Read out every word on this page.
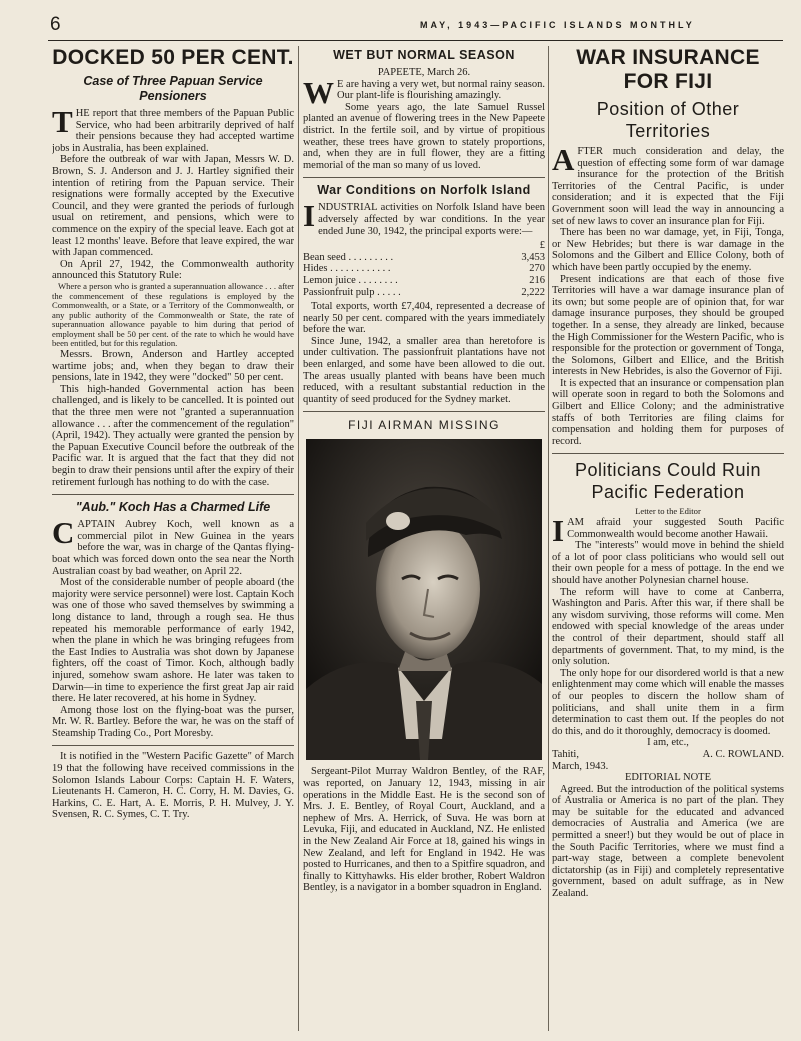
6	MAY, 1943—PACIFIC ISLANDS MONTHLY
DOCKED 50 PER CENT.
Case of Three Papuan Service Pensioners

THE report that three members of the Papuan Public Service, who had been arbitrarily deprived of half their pensions because they had accepted wartime jobs in Australia, has been explained.

Before the outbreak of war with Japan, Messrs W. D. Brown, S. J. Anderson and J. J. Hartley signified their intention of retiring from the Papuan service. Their resignations were formally accepted by the Executive Council, and they were granted the periods of furlough usual on retirement, and pensions, which were to commence on the expiry of the special leave. Each got at least 12 months' leave. Before that leave expired, the war with Japan commenced.

On April 27, 1942, the Commonwealth authority announced this Statutory Rule:

Where a person who is granted a superannuation allowance . . . after the commencement of these regulations is employed by the Commonwealth, or a State, or a Territory of the Commonwealth, or any public authority of the Commonwealth or State, the rate of superannuation allowance payable to him during that period of employment shall be 50 per cent. of the rate to which he would have been entitled, but for this regulation.

Messrs. Brown, Anderson and Hartley accepted wartime jobs; and, when they began to draw their pensions, late in 1942, they were "docked" 50 per cent.

This high-handed Governmental action has been challenged, and is likely to be cancelled. It is pointed out that the three men were not "granted a superannuation allowance . . . after the commencement of the regulation" (April, 1942). They actually were granted the pension by the Papuan Executive Council before the outbreak of the Pacific war. It is argued that the fact that they did not begin to draw their pensions until after the expiry of their retirement furlough has nothing to do with the case.

"Aub." Koch Has a Charmed Life

CAPTAIN Aubrey Koch, well known as a commercial pilot in New Guinea in the years before the war, was in charge of the Qantas flying-boat which was forced down onto the sea near the North Australian coast by bad weather, on April 22.

Most of the considerable number of people aboard (the majority were service personnel) were lost. Captain Koch was one of those who saved themselves by swimming a long distance to land, through a rough sea. He thus repeated his memorable performance of early 1942, when the plane in which he was bringing refugees from the East Indies to Australia was shot down by Japanese fighters, off the coast of Timor. Koch, although badly injured, somehow swam ashore. He later was taken to Darwin—in time to experience the first great Jap air raid there. He later recovered, at his home in Sydney.

Among those lost on the flying-boat was the purser, Mr. W. R. Bartley. Before the war, he was on the staff of Steamship Trading Co., Port Moresby.

It is notified in the "Western Pacific Gazette" of March 19 that the following have received commissions in the Solomon Islands Labour Corps: Captain H. F. Waters, Lieutenants H. Cameron, H. C. Corry, H. M. Davies, G. Harkins, C. E. Hart, A. E. Morris, P. H. Mulvey, J. Y. Svensen, R. C. Symes, C. T. Try.

WET BUT NORMAL SEASON

PAPEETE, March 26.

W E are having a very wet, but normal rainy season. Our plant-life is flourishing amazingly.

Some years ago, the late Samuel Russel planted an avenue of flowering trees in the New Papeete district. In the fertile soil, and by virtue of propitious weather, these trees have grown to stately proportions, and, when they are in full flower, they are a fitting memorial of the man so many of us loved.

War Conditions on Norfolk Island

INDUSTRIAL activities on Norfolk Island have been adversely affected by war conditions. In the year ended June 30, 1942, the principal exports were:—

	£
Bean seed . . . . . . . . .	3,453
Hides . . . . . . . . . . . .	270
Lemon juice . . . . . . . .	216
Passionfruit pulp . . . . .	2,222

Total exports, worth £7,404, represented a decrease of nearly 50 per cent. compared with the years immediately before the war.

Since June, 1942, a smaller area than heretofore is under cultivation. The passionfruit plantations have not been enlarged, and some have been allowed to die out. The areas usually planted with beans have been much reduced, with a resultant substantial reduction in the quantity of seed produced for the Sydney market.

FIJI AIRMAN MISSING

Sergeant-Pilot Murray Waldron Bentley, of the RAF, was reported, on January 12, 1943, missing in air operations in the Middle East. He is the second son of Mrs. J. E. Bentley, of Royal Court, Auckland, and a nephew of Mrs. A. Herrick, of Suva. He was born at Levuka, Fiji, and educated in Auckland, NZ. He enlisted in the New Zealand Air Force at 18, gained his wings in New Zealand, and left for England in 1942. He was posted to Hurricanes, and then to a Spitfire squadron, and finally to Kittyhawks. His elder brother, Robert Waldron Bentley, is a navigator in a bomber squadron in England.

WAR INSURANCE FOR FIJI
Position of Other Territories

AFTER much consideration and delay, the question of effecting some form of war damage insurance for the protection of the British Territories of the Central Pacific, is under consideration; and it is expected that the Fiji Government soon will lead the way in announcing a set of new laws to cover an insurance plan for Fiji.

There has been no war damage, yet, in Fiji, Tonga, or New Hebrides; but there is war damage in the Solomons and the Gilbert and Ellice Colony, both of which have been partly occupied by the enemy.

Present indications are that each of those five Territories will have a war damage insurance plan of its own; but some people are of opinion that, for war damage insurance purposes, they should be grouped together. In a sense, they already are linked, because the High Commissioner for the Western Pacific, who is responsible for the protection or government of Tonga, the Solomons, Gilbert and Ellice, and the British interests in New Hebrides, is also the Governor of Fiji.

It is expected that an insurance or compensation plan will operate soon in regard to both the Solomons and Gilbert and Ellice Colony; and the administrative staffs of both Territories are filing claims for compensation and holding them for purposes of record.

Politicians Could Ruin Pacific Federation

Letter to the Editor

IAM afraid your suggested South Pacific Commonwealth would become another Hawaii.

The "interests" would move in behind the shield of a lot of poor class politicians who would sell out their own people for a mess of pottage. In the end we should have another Polynesian charnel house.

The reform will have to come at Canberra, Washington and Paris. After this war, if there shall be any wisdom surviving, those reforms will come. Men endowed with special knowledge of the areas under the control of their department, should staff all departments of government. That, to my mind, is the only solution.

The only hope for our disordered world is that a new enlightenment may come which will enable the masses of our peoples to discern the hollow sham of politicians, and shall unite them in a firm determination to cast them out. If the peoples do not do this, and do it thoroughly, democracy is doomed.

I am, etc.,

Tahiti,	A. C. ROWLAND.

March, 1943.

EDITORIAL NOTE

Agreed. But the introduction of the political systems of Australia or America is no part of the plan. They may be suitable for the educated and advanced democracies of Australia and America (we are permitted a sneer!) but they would be out of place in the South Pacific Territories, where we must find a part-way stage, between a complete benevolent dictatorship (as in Fiji) and completely representative government, based on adult suffrage, as in New Zealand.
